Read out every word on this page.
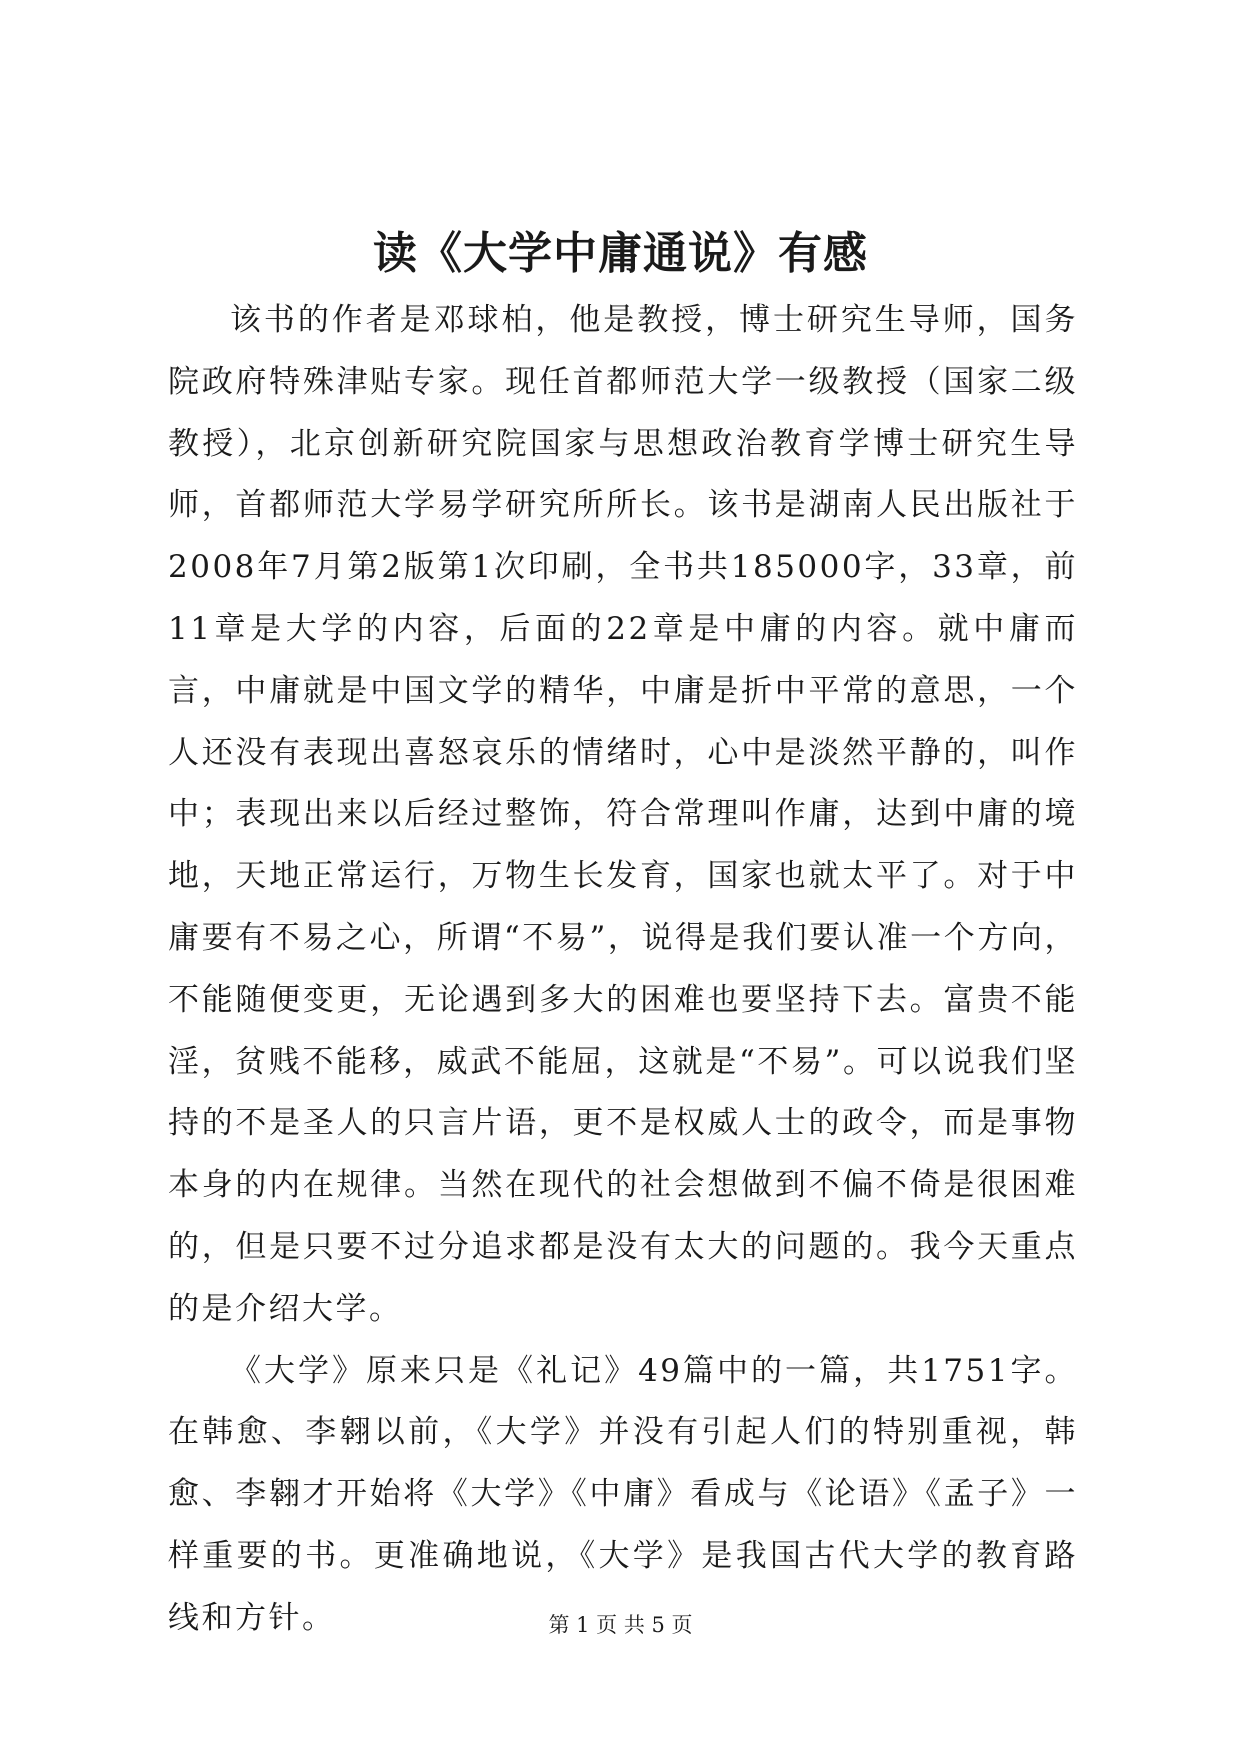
读《大学中庸通说》有感

该书的作者是邓球柏，他是教授，博士研究生导师，国务院政府特殊津贴专家。现任首都师范大学一级教授（国家二级教授），北京创新研究院国家与思想政治教育学博士研究生导师，首都师范大学易学研究所所长。该书是湖南人民出版社于2008年7月第2版第1次印刷，全书共185000字，33章，前11章是大学的内容，后面的22章是中庸的内容。就中庸而言，中庸就是中国文学的精华，中庸是折中平常的意思，一个人还没有表现出喜怒哀乐的情绪时，心中是淡然平静的，叫作中；表现出来以后经过整饰，符合常理叫作庸，达到中庸的境地，天地正常运行，万物生长发育，国家也就太平了。对于中庸要有不易之心，所谓“不易”，说得是我们要认准一个方向，不能随便变更，无论遇到多大的困难也要坚持下去。富贵不能淫，贫贱不能移，威武不能屈，这就是“不易”。可以说我们坚持的不是圣人的只言片语，更不是权威人士的政令，而是事物本身的内在规律。当然在现代的社会想做到不偏不倚是很困难的，但是只要不过分追求都是没有太大的问题的。我今天重点的是介绍大学。

《大学》原来只是《礼记》49篇中的一篇，共1751字。在韩愈、李翱以前，《大学》并没有引起人们的特别重视，韩愈、李翱才开始将《大学》《中庸》看成与《论语》《孟子》一样重要的书。更准确地说，《大学》是我国古代大学的教育路线和方针。	第 1 页 共 5 页
